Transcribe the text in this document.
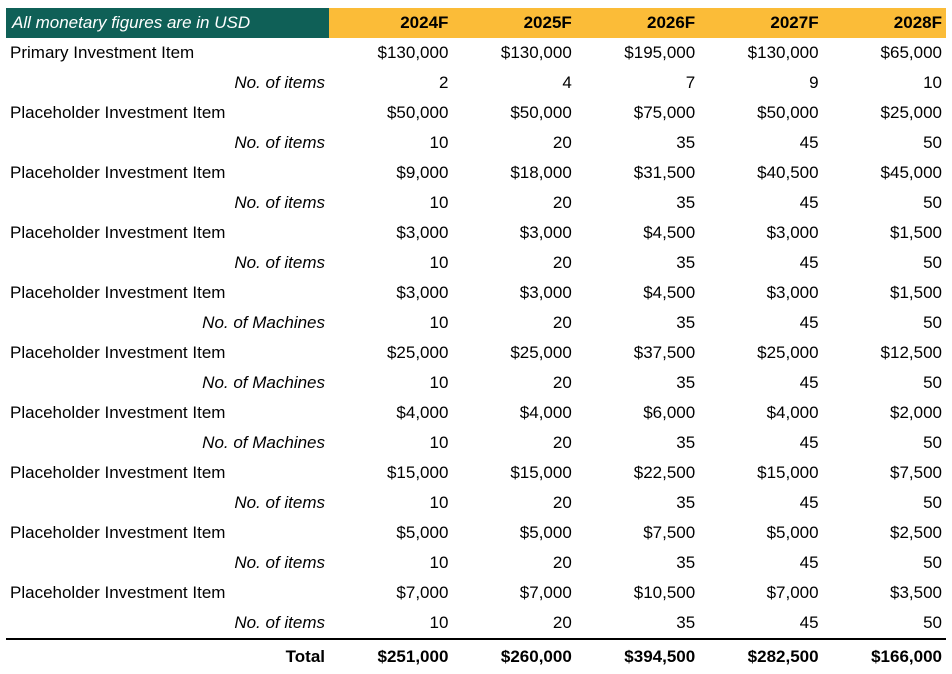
All monetary figures are in USD	2024F	2025F	2026F	2027F	2028F
Primary Investment Item	$130,000	$130,000	$195,000	$130,000	$65,000
No. of items	2	4	7	9	10
Placeholder Investment Item	$50,000	$50,000	$75,000	$50,000	$25,000
No. of items	10	20	35	45	50
Placeholder Investment Item	$9,000	$18,000	$31,500	$40,500	$45,000
No. of items	10	20	35	45	50
Placeholder Investment Item	$3,000	$3,000	$4,500	$3,000	$1,500
No. of items	10	20	35	45	50
Placeholder Investment Item	$3,000	$3,000	$4,500	$3,000	$1,500
No. of Machines	10	20	35	45	50
Placeholder Investment Item	$25,000	$25,000	$37,500	$25,000	$12,500
No. of Machines	10	20	35	45	50
Placeholder Investment Item	$4,000	$4,000	$6,000	$4,000	$2,000
No. of Machines	10	20	35	45	50
Placeholder Investment Item	$15,000	$15,000	$22,500	$15,000	$7,500
No. of items	10	20	35	45	50
Placeholder Investment Item	$5,000	$5,000	$7,500	$5,000	$2,500
No. of items	10	20	35	45	50
Placeholder Investment Item	$7,000	$7,000	$10,500	$7,000	$3,500
No. of items	10	20	35	45	50
Total	$251,000	$260,000	$394,500	$282,500	$166,000
